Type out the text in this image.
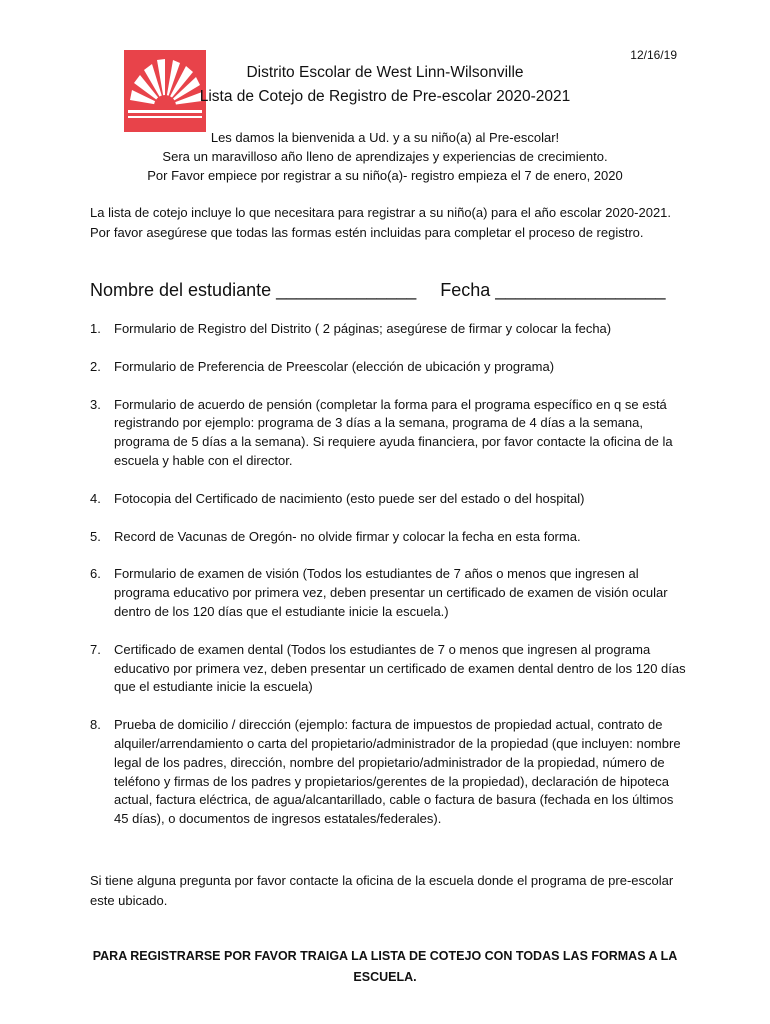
12/16/19
Distrito Escolar de West Linn-Wilsonville
Lista de Cotejo de Registro de Pre-escolar 2020-2021
Les damos la bienvenida a Ud. y a su niño(a) al Pre-escolar!
Sera un maravilloso año lleno de aprendizajes y experiencias de crecimiento.
Por Favor empiece por registrar a su niño(a)- registro empieza el 7 de enero, 2020
La lista de cotejo incluye lo que necesitara para registrar a su niño(a) para el año escolar 2020-2021. Por favor asegúrese que todas las formas estén incluidas para completar el proceso de registro.
Nombre del estudiante ______________ Fecha _________________
1. Formulario de Registro del Distrito ( 2 páginas; asegúrese de firmar y colocar la fecha)
2. Formulario de Preferencia de Preescolar (elección de ubicación y programa)
3. Formulario de acuerdo de pensión (completar la forma para el programa específico en q se está registrando por ejemplo: programa de 3 días a la semana, programa de 4 días a la semana, programa de 5 días a la semana). Si requiere ayuda financiera, por favor contacte la oficina de la escuela y hable con el director.
4. Fotocopia del Certificado de nacimiento (esto puede ser del estado o del hospital)
5. Record de Vacunas de Oregón- no olvide firmar y colocar la fecha en esta forma.
6. Formulario de examen de visión (Todos los estudiantes de 7 años o menos que ingresen al programa educativo por primera vez, deben presentar un certificado de examen de visión ocular dentro de los 120 días que el estudiante inicie la escuela.)
7. Certificado de examen dental (Todos los estudiantes de 7 o menos que ingresen al programa educativo por primera vez, deben presentar un certificado de examen dental dentro de los 120 días que el estudiante inicie la escuela)
8. Prueba de domicilio / dirección (ejemplo: factura de impuestos de propiedad actual, contrato de alquiler/arrendamiento o carta del propietario/administrador de la propiedad (que incluyen: nombre legal de los padres, dirección, nombre del propietario/administrador de la propiedad, número de teléfono y firmas de los padres y propietarios/gerentes de la propiedad), declaración de hipoteca actual, factura eléctrica, de agua/alcantarillado, cable o factura de basura (fechada en los últimos 45 días), o documentos de ingresos estatales/federales).
Si tiene alguna pregunta por favor contacte la oficina de la escuela donde el programa de pre-escolar este ubicado.
PARA REGISTRARSE POR FAVOR TRAIGA LA LISTA DE COTEJO CON TODAS LAS FORMAS A LA ESCUELA.
